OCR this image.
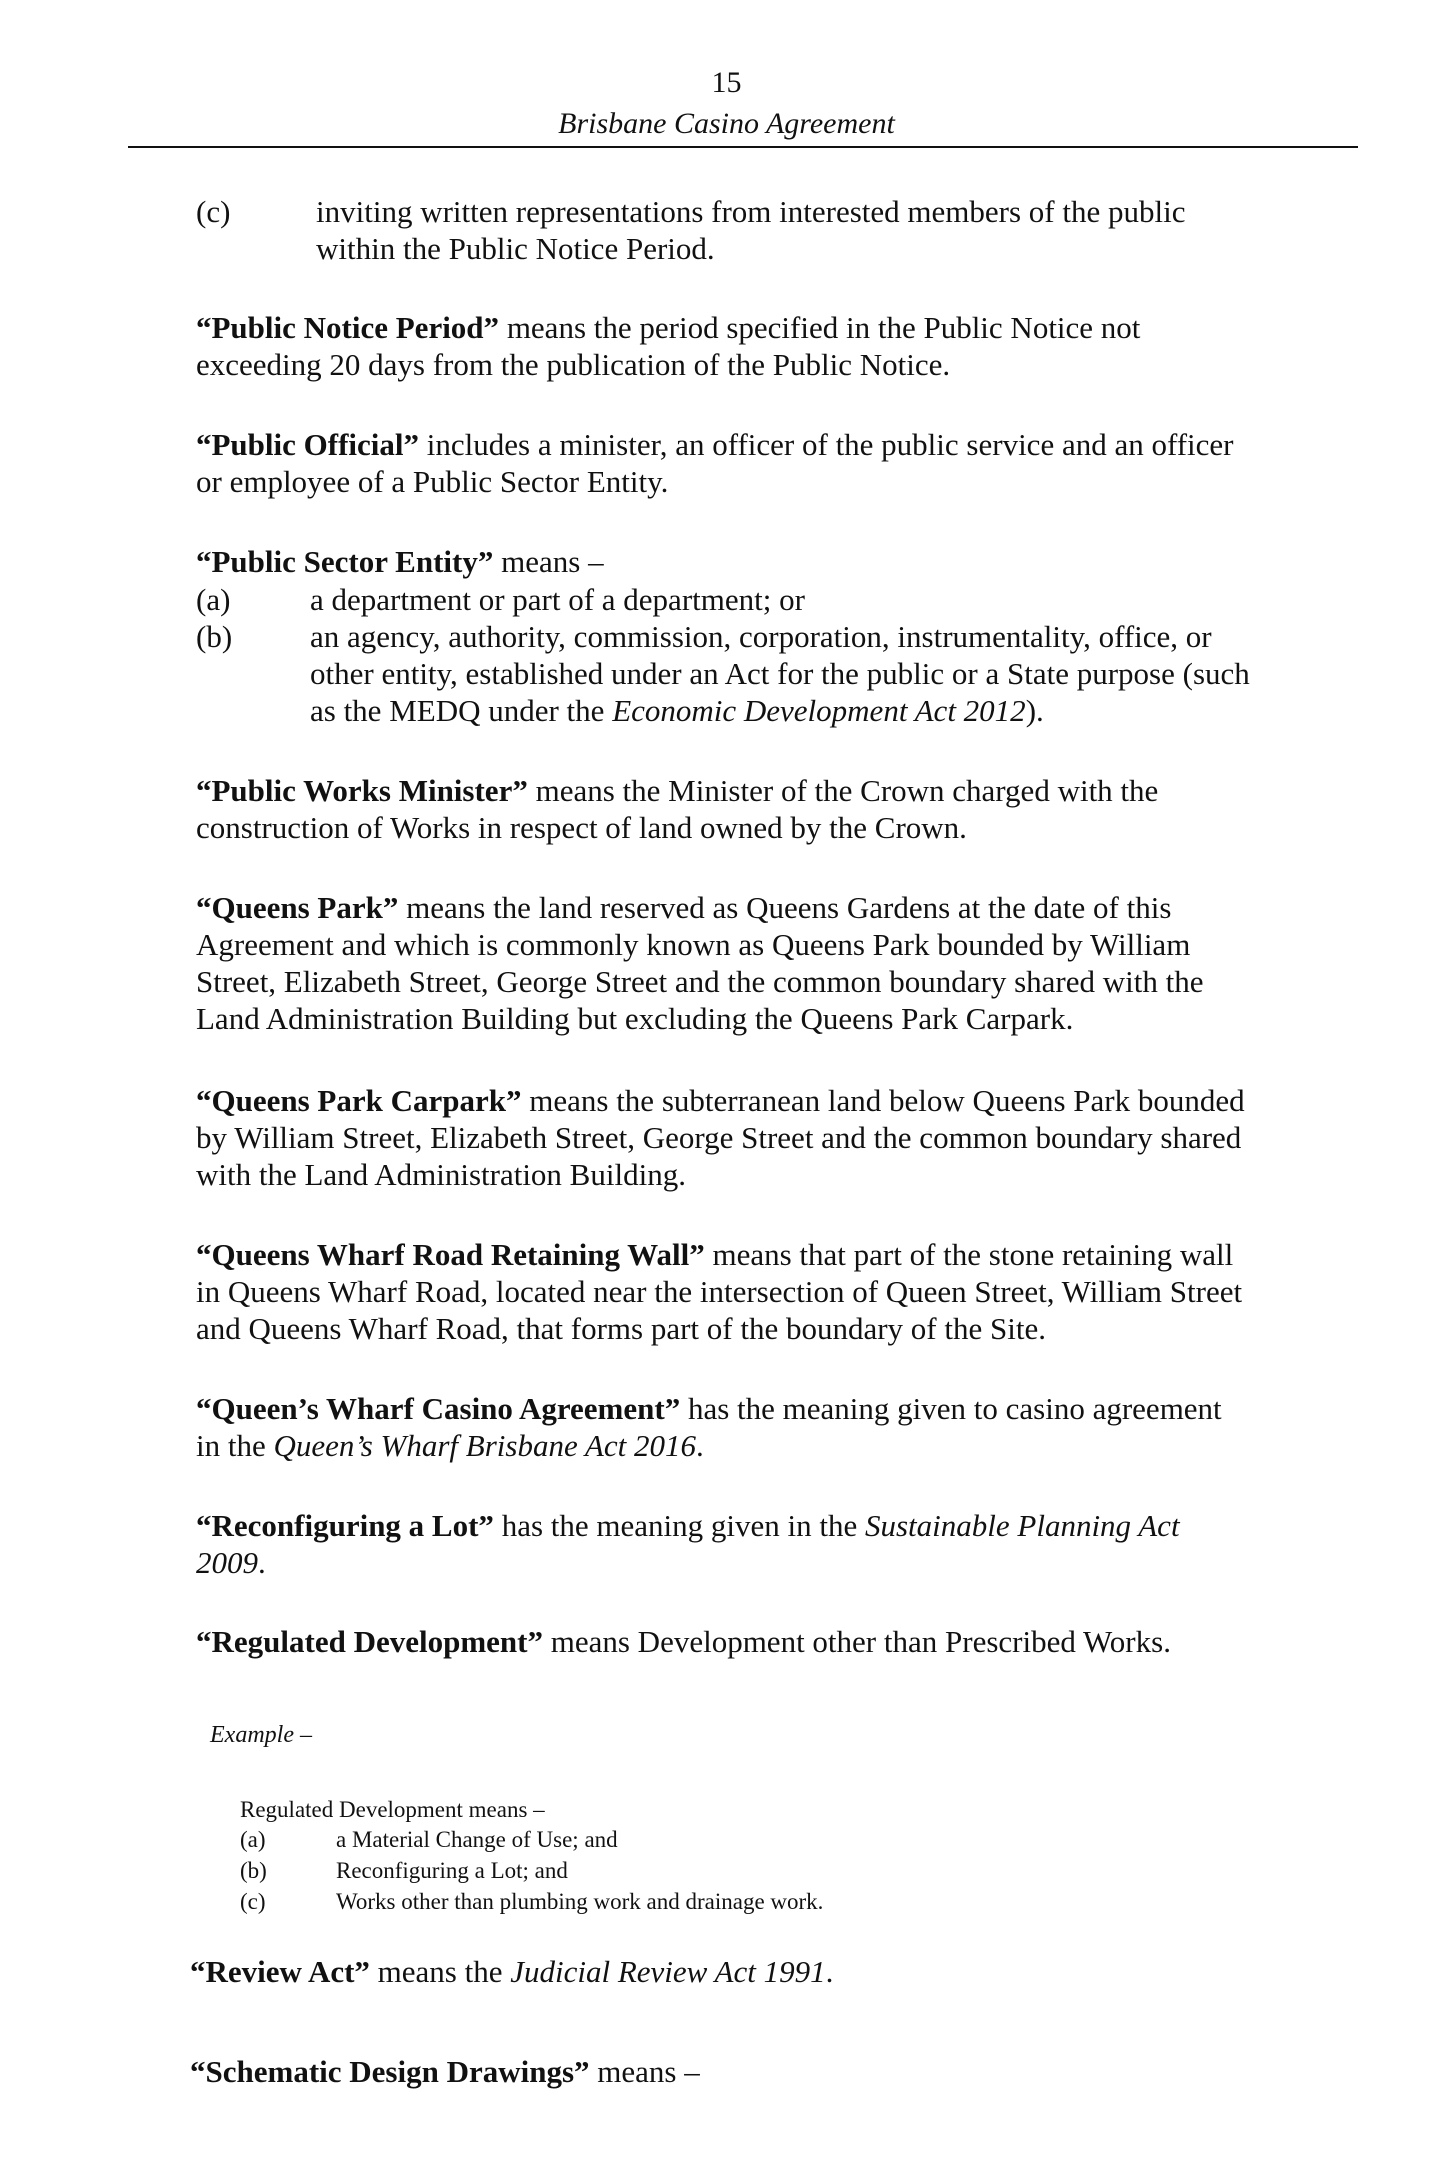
15
Brisbane Casino Agreement
(c)	inviting written representations from interested members of the public
within the Public Notice Period.
“Public Notice Period” means the period specified in the Public Notice not
exceeding 20 days from the publication of the Public Notice.
“Public Official” includes a minister, an officer of the public service and an officer
or employee of a Public Sector Entity.
“Public Sector Entity” means –
(a)	a department or part of a department; or
(b)	an agency, authority, commission, corporation, instrumentality, office, or
other entity, established under an Act for the public or a State purpose (such
as the MEDQ under the Economic Development Act 2012).
“Public Works Minister” means the Minister of the Crown charged with the
construction of Works in respect of land owned by the Crown.
“Queens Park” means the land reserved as Queens Gardens at the date of this
Agreement and which is commonly known as Queens Park bounded by William
Street, Elizabeth Street, George Street and the common boundary shared with the
Land Administration Building but excluding the Queens Park Carpark.
“Queens Park Carpark” means the subterranean land below Queens Park bounded
by William Street, Elizabeth Street, George Street and the common boundary shared
with the Land Administration Building.
“Queens Wharf Road Retaining Wall” means that part of the stone retaining wall
in Queens Wharf Road, located near the intersection of Queen Street, William Street
and Queens Wharf Road, that forms part of the boundary of the Site.
“Queen’s Wharf Casino Agreement” has the meaning given to casino agreement
in the Queen’s Wharf Brisbane Act 2016.
“Reconfiguring a Lot” has the meaning given in the Sustainable Planning Act
2009.
“Regulated Development” means Development other than Prescribed Works.
Example –
Regulated Development means –
(a)	a Material Change of Use; and
(b)	Reconfiguring a Lot; and
(c)	Works other than plumbing work and drainage work.
“Review Act” means the Judicial Review Act 1991.
“Schematic Design Drawings” means –
